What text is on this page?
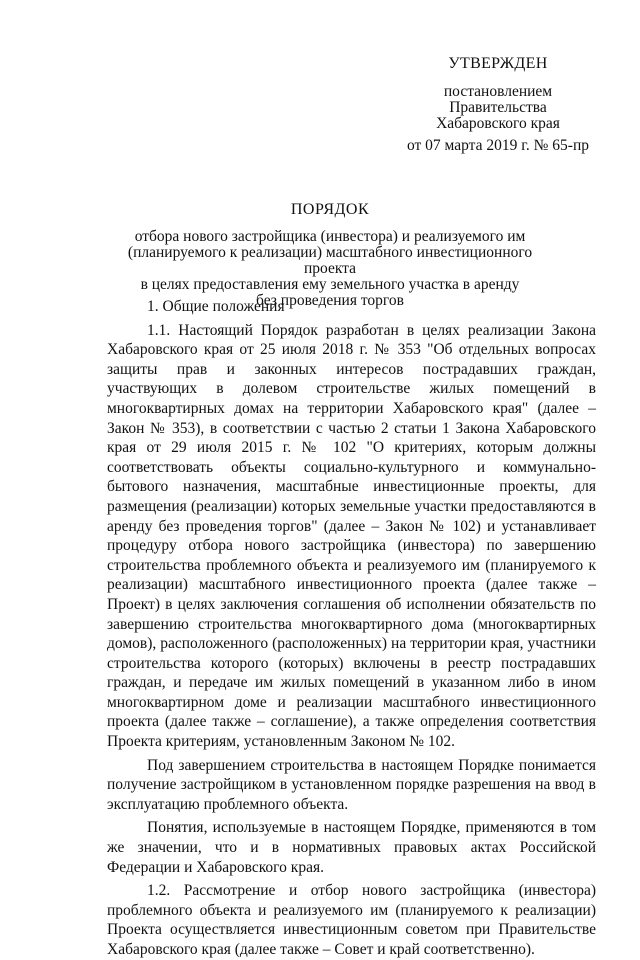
УТВЕРЖДЕН
постановлением
Правительства
Хабаровского края
от 07 марта 2019 г. № 65-пр
ПОРЯДОК
отбора нового застройщика (инвестора) и реализуемого им
(планируемого к реализации) масштабного инвестиционного проекта
в целях предоставления ему земельного участка в аренду
без проведения торгов

1. Общие положения

1.1. Настоящий Порядок разработан в целях реализации Закона Хабаровского края от 25 июля 2018 г. № 353 "Об отдельных вопросах защиты прав и законных интересов пострадавших граждан, участвующих в долевом строительстве жилых помещений в многоквартирных домах на территории Хабаровского края" (далее – Закон № 353), в соответствии с частью 2 статьи 1 Закона Хабаровского края от 29 июля 2015 г. № 102 "О критериях, которым должны соответствовать объекты социально-культурного и коммунально-бытового назначения, масштабные инвестиционные проекты, для размещения (реализации) которых земельные участки предоставляются в аренду без проведения торгов" (далее – Закон № 102) и устанавливает процедуру отбора нового застройщика (инвестора) по завершению строительства проблемного объекта и реализуемого им (планируемого к реализации) масштабного инвестиционного проекта (далее также – Проект) в целях заключения соглашения об исполнении обязательств по завершению строительства многоквартирного дома (многоквартирных домов), расположенного (расположенных) на территории края, участники строительства которого (которых) включены в реестр пострадавших граждан, и передаче им жилых помещений в указанном либо в ином многоквартирном доме и реализации масштабного инвестиционного проекта (далее также – соглашение), а также определения соответствия Проекта критериям, установленным Законом № 102.

Под завершением строительства в настоящем Порядке понимается получение застройщиком в установленном порядке разрешения на ввод в эксплуатацию проблемного объекта.

Понятия, используемые в настоящем Порядке, применяются в том же значении, что и в нормативных правовых актах Российской Федерации и Хабаровского края.

1.2. Рассмотрение и отбор нового застройщика (инвестора) проблемного объекта и реализуемого им (планируемого к реализации) Проекта осуществляется инвестиционным советом при Правительстве Хабаровского края (далее также – Совет и край соответственно).
